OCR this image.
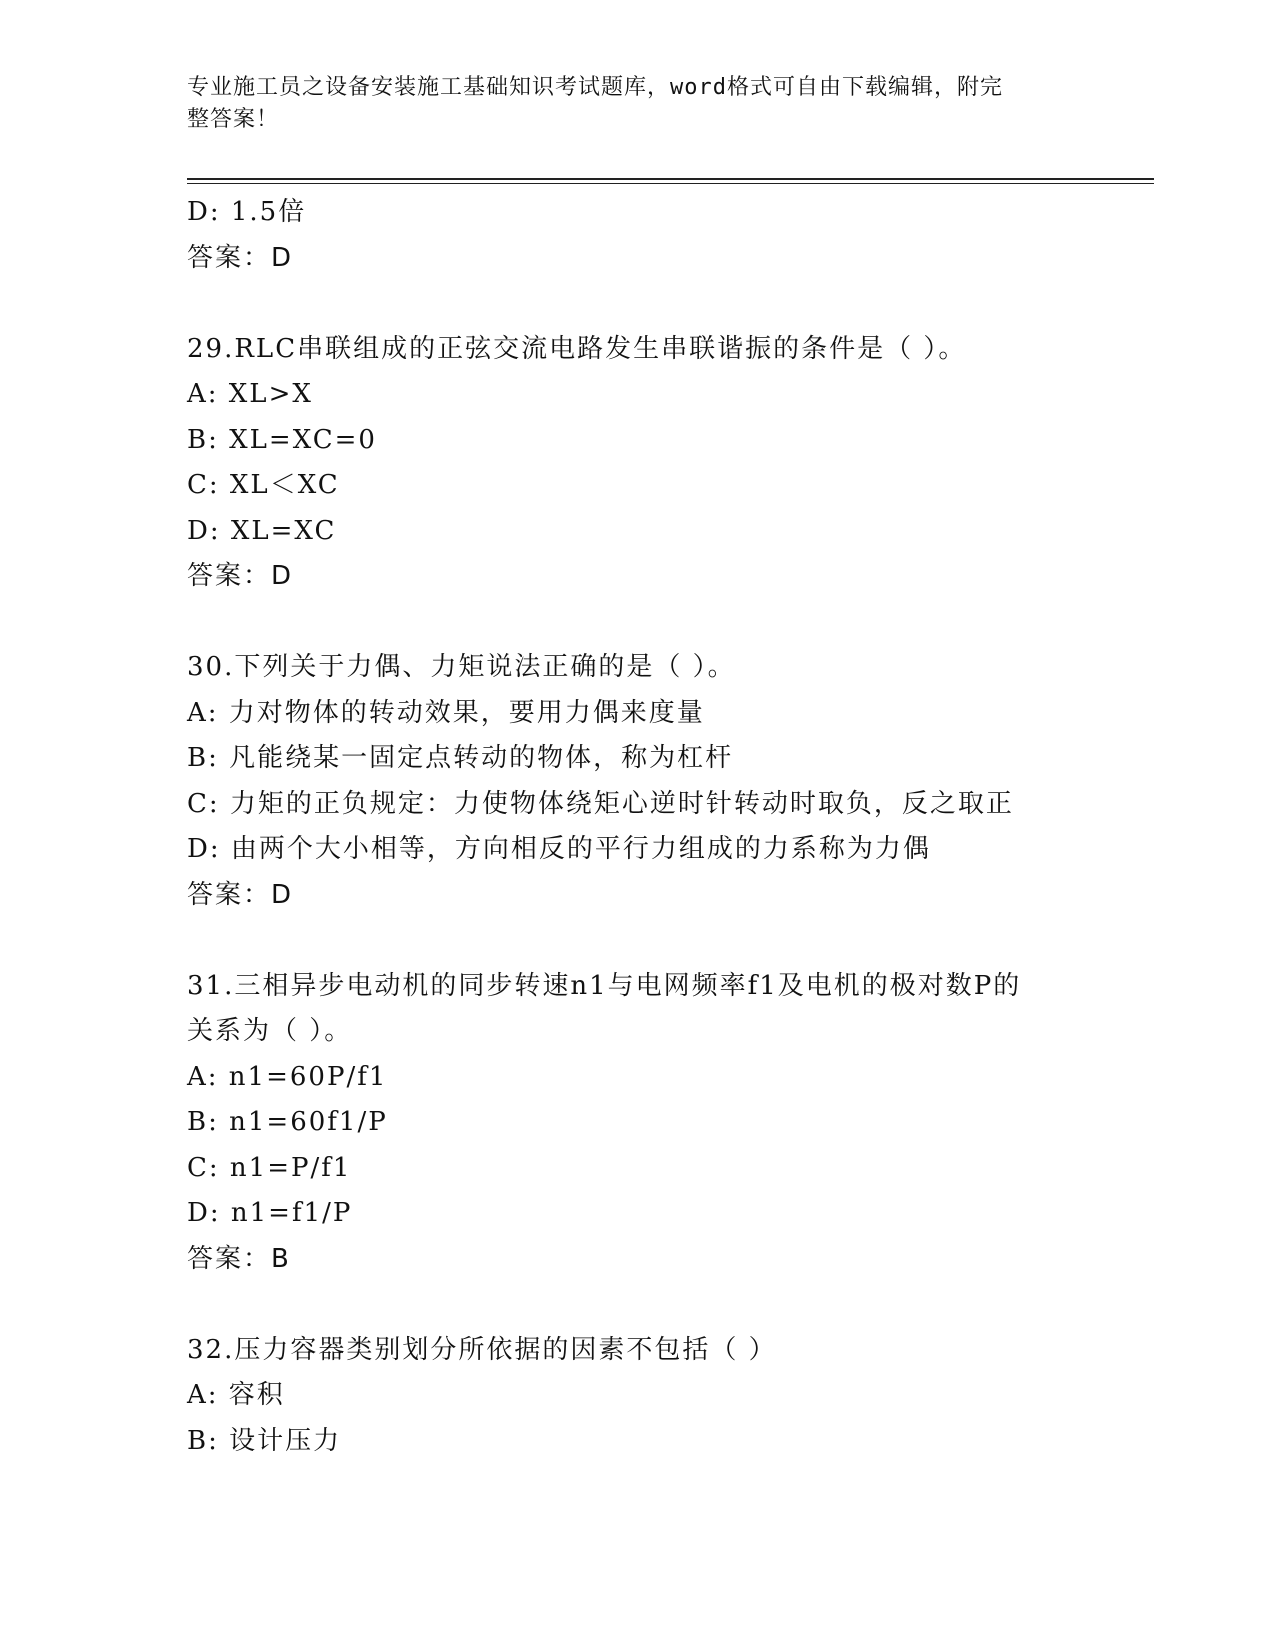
专业施工员之设备安装施工基础知识考试题库，word格式可自由下载编辑，附完
整答案！
D: 1.5倍
答案：D
29.RLC串联组成的正弦交流电路发生串联谐振的条件是（ ）。
A: XL>X
B: XL=XC=0
C: XL＜XC
D: XL=XC
答案：D
30.下列关于力偶、力矩说法正确的是（ ）。
A: 力对物体的转动效果，要用力偶来度量
B: 凡能绕某一固定点转动的物体，称为杠杆
C: 力矩的正负规定：力使物体绕矩心逆时针转动时取负，反之取正
D: 由两个大小相等，方向相反的平行力组成的力系称为力偶
答案：D
31.三相异步电动机的同步转速n1与电网频率f1及电机的极对数P的
关系为（ ）。
A: n1=60P/f1
B: n1=60f1/P
C: n1=P/f1
D: n1=f1/P
答案：B
32.压力容器类别划分所依据的因素不包括（ ）
A: 容积
B: 设计压力
